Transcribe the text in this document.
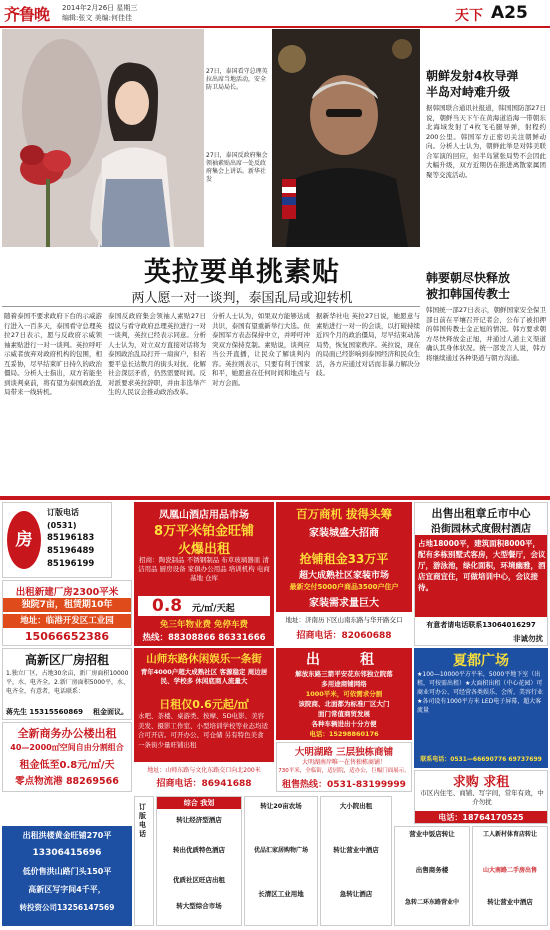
齐鲁晚	2014年2月26日 星期三
编辑:张文 美编:何佳佳	天下 A25
27日，泰国看守总理英拉出席当地活动，安全防卫局局长。
27日，泰国反政府集会领袖素贴出席一处反政府集会上讲话。新华社发
英拉要单挑素贴
两人愿一对一谈判，泰国乱局或迎转机
随着泰国不要求政府下台的示威游行进入一百多天，泰国看守总理英拉27日表示，愿与反政府示威领袖素贴进行一对一谈判。英拉呼吁示威者放弃对政府机构的包围，相互妥协，尽早结束旷日持久的政治僵局。分析人士指出，双方若能坐到谈判桌前，将有望为泰国政治乱局带来一线转机。
泰国反政府集会领袖人素贴27日提议与看守政府总理英拉进行一对一谈判，英拉已经表示同意。分析人士认为，对立双方直接对话将为泰国政治乱局打开一扇窗户，但若要平息长达数月的街头对抗、化解社会深层矛盾，仍然需要时间。反对派要求英拉辞职，并由非选举产生的人民议会推动政治改革。
分析人士认为，如果双方能够达成共识，泰国有望重新举行大选。但泰国军方表态保持中立，并呼吁冲突双方保持克制。素贴说，谈判应当公开直播，让民众了解谈判内容。英拉则表示，只要有利于国家和平，她愿意在任何时间和地点与对方会面。
据新华社电 英拉27日说，她愿意与素贴进行一对一的会谈，以打破持续近四个月的政治僵局，尽早结束动荡局势，恢复国家秩序。英拉说，现在的局面已经影响到泰国经济和民众生活，各方应通过对话而非暴力解决分歧。
朝鲜发射4枚导弹
半岛对峙难升级
据韩国联合通讯社报道，韩国国防部27日说，朝鲜当天下午在黄海道沿海一带朝东北海域发射了4枚飞毛腿导弹，射程约200公里。韩国军方正密切关注朝鲜动向。分析人士认为，朝鲜此举是对韩美联合军演的回应，但半岛紧张局势不会因此大幅升级，双方近期仍在推进离散家属团聚等交流活动。
韩要朝尽快释放
被扣韩国传教士
韩国统一部27日表示，朝鲜国家安全保卫部日前在平壤召开记者会，公布了被扣押的韩国传教士金正旭的情况。韩方要求朝方尽快释放金正旭，并通过人道主义渠道确认其身体状况。统一部发言人说，韩方将继续通过各种渠道与朝方沟通。
房
订版电话
(0531)
85196183
85196489
85196199
出租新建厂房2300平米
独院7亩，租赁期10年
地址：临港开发区工业园
15066652386
凤凰山酒店用品市场
8万平米铂金旺铺
火爆出租
招商：陶瓷制品 不锈钢制品 布草玻璃器皿 清洁用品 厨房设备 家俱办公用品 培训机构 电商基地 仓库
0.8 元/㎡/天起
免三年物业费 免停车费
热线：88308866 86331666
百万商机 拔得头筹
家装城盛大招商
抢铺租金33万平
超大成熟社区家装市场
最新交付5000户商品3500户住户
家装需求量巨大
地址：济南历下区山南东路与华开路交口
招商电话：82060688
出售出租章丘市中心
沿街园林式度假村酒店
占地18000平，建筑面积8000平，配有多栋别墅式客房，大型餐厅，会议厅，游泳池，绿化面积，环境幽雅，酒店宜商宜住，可做培训中心，会议接待。
有意者请电话联系13064016297
非诚勿扰
高新区厂房招租
1.独立厂区，占地30余亩，新厂房面积10000平，水、电齐全。2.新厂房面积5000平，水、电齐全，有意者，电话联系：
蒋先生 15315560869 租金面议。
山师东路休闲娱乐一条街
青年4000户超大成熟社区 客源稳定 周边居民、学校多 休闲底商人流量大
日租仅0.6元起/㎡
水吧、茶楼、桌游类、按摩、5D电影、美容美发、摄影工作室、小型培训学校等业态均适合可开店。可开办公、可仓储 另有特色美食一条街少量旺铺出租
地址：山师东路与文化东路交口向北200米
招商电话：86941688
出	租
解放东路三箭平安花东邻独立院落
多用途商铺网络
1000平米，可依需求分割
该院商、北面都为标准厂区大门
面门常值商贸发展
各种车辆进出十分方便
电话：15298860176
夏都广场
★100—10000平方平米，5000平地下室（出租，可按需出租）★大面积出租（中心花园）可商业可办公、可经营各类娱乐、会所、美容行业 ★各司设有1000平方米 LED电子屏幕，超大客流量
联系电话：0531—66690776 69737699
全新商务办公楼出租
40—2000㎡空间自由分割组合
租金低至0.8元/㎡/天
零点物流港 88269566
大明湖路 三层独栋商铺
大明湖南岸唯一在售独栋商铺！
730平米，全临街，适居院，适办公，巨幅门面展示。
租售热线：0531-83199999	求购 求租
市区内住宅、商铺、写字间，常年有效，中介勿扰
电话：18764170525
出租洪楼黄金旺铺270平
13306415696
低价售洪山路门头150平
高新区写字间4千平，
转投资公司13256147569
订版电话
综合 我划
转让经济型酒店
转出优质特色酒店
优质社区旺店出租
转大型综合市场
转让20亩农场
优品汇家居购物广场
长清区工业用地
大小院出租
转让营业中酒店
急转让酒店
营业中饭店转让
出售商务楼
急转二环东路营业中
工人新村体育店转让
山大南路二手房出售
转让营业中酒店
